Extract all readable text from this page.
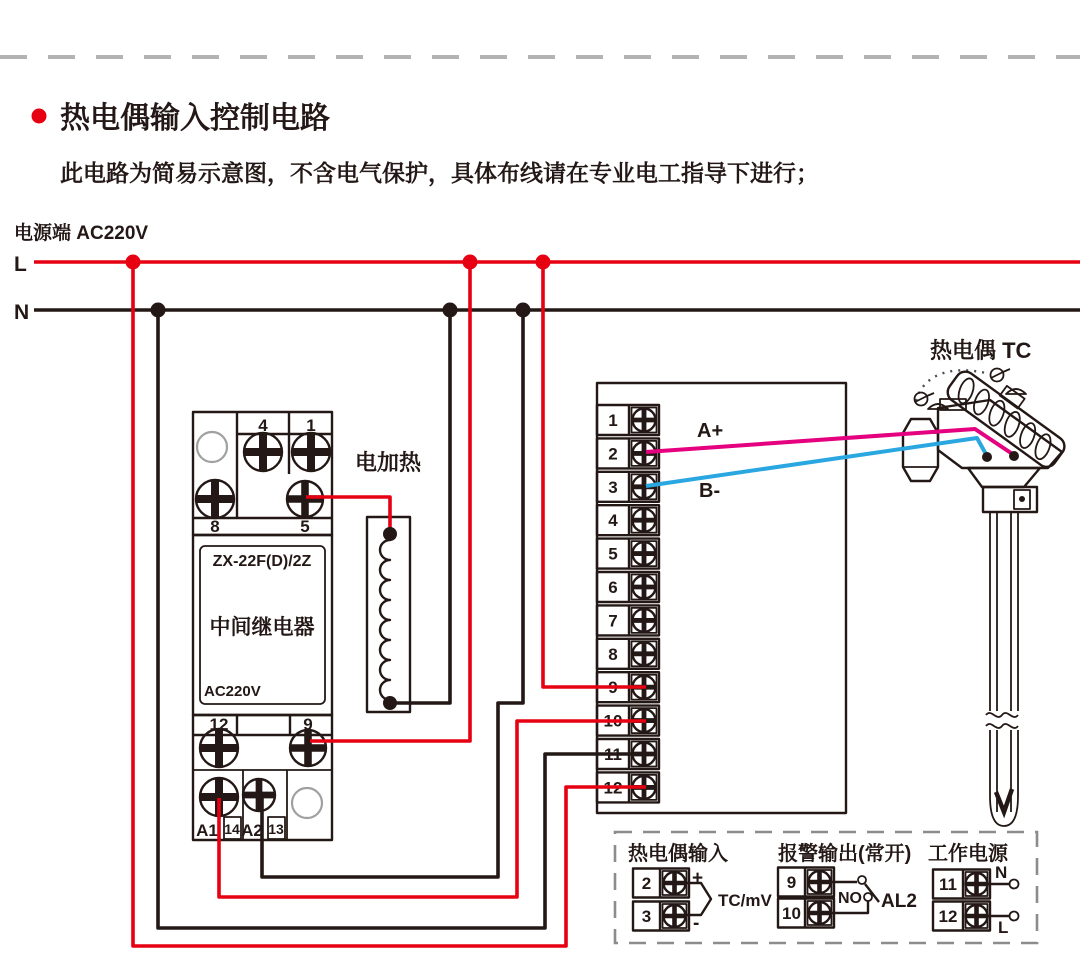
热电偶输入控制电路
此电路为简易示意图，不含电气保护，具体布线请在专业电工指导下进行；
电源端 AC220V
L
N
4 1
8	5
ZX-22F(D)/2Z
中间继电器
AC220V
12	9
A1 14 A2 13
电加热
1
2
3
4
5
6
7
8
9
10
11
12
A+
B-
热电偶 TC
热电偶输入
2
3
+
-
TC/mV
报警输出(常开)
9
10
NO AL2
工作电源
11
12
N
L
